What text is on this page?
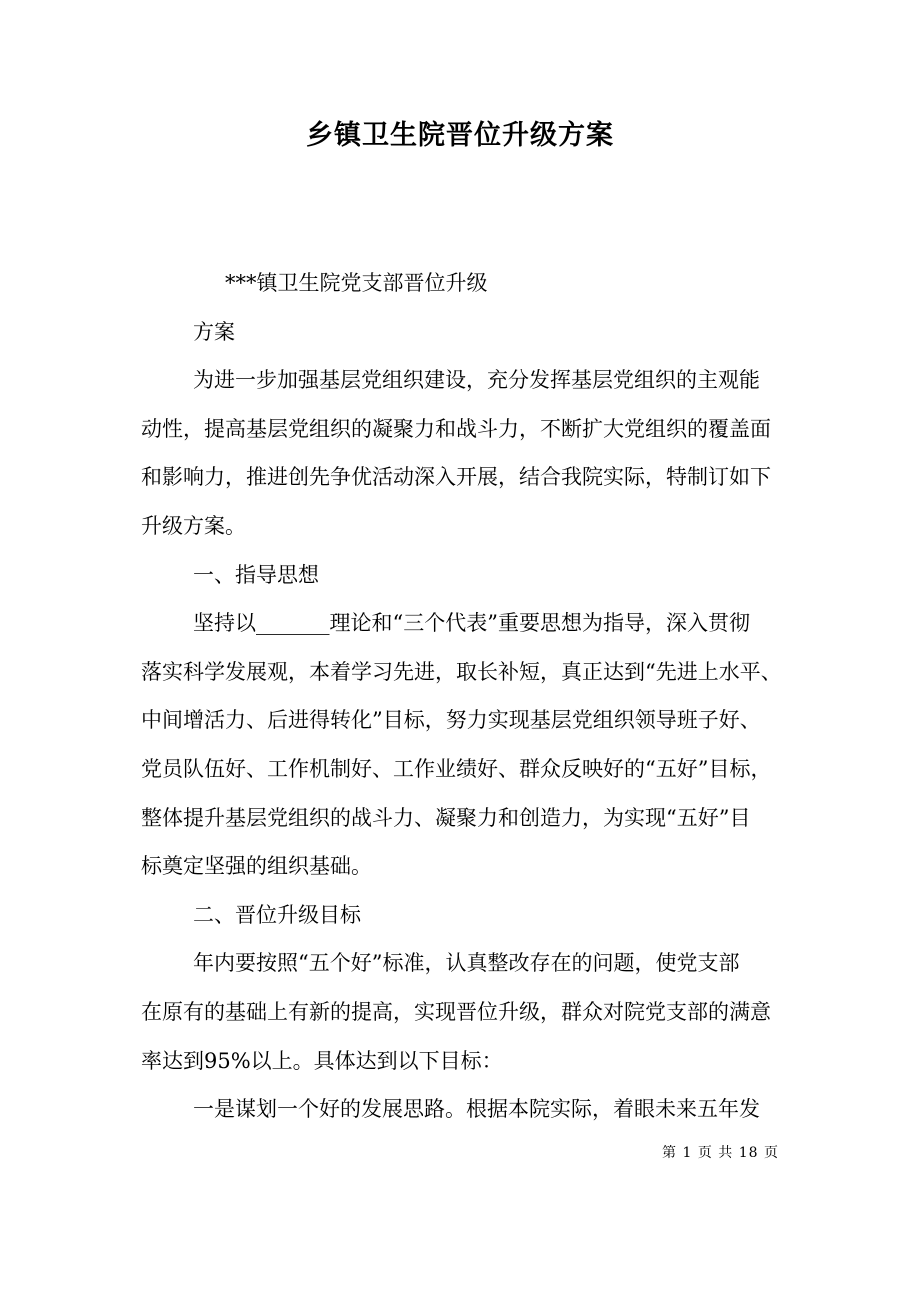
乡镇卫生院晋位升级方案
***镇卫生院党支部晋位升级
方案
为进一步加强基层党组织建设，充分发挥基层党组织的主观能
动性，提高基层党组织的凝聚力和战斗力，不断扩大党组织的覆盖面
和影响力，推进创先争优活动深入开展，结合我院实际，特制订如下
升级方案。
一、指导思想
坚持以_______理论和“三个代表”重要思想为指导，深入贯彻
落实科学发展观，本着学习先进，取长补短，真正达到“先进上水平、
中间增活力、后进得转化”目标，努力实现基层党组织领导班子好、
党员队伍好、工作机制好、工作业绩好、群众反映好的“五好”目标，
整体提升基层党组织的战斗力、凝聚力和创造力，为实现“五好”目
标奠定坚强的组织基础。
二、晋位升级目标
年内要按照“五个好”标准，认真整改存在的问题，使党支部
在原有的基础上有新的提高，实现晋位升级，群众对院党支部的满意
率达到95%以上。具体达到以下目标：
一是谋划一个好的发展思路。根据本院实际，着眼未来五年发
第 1 页 共 18 页
